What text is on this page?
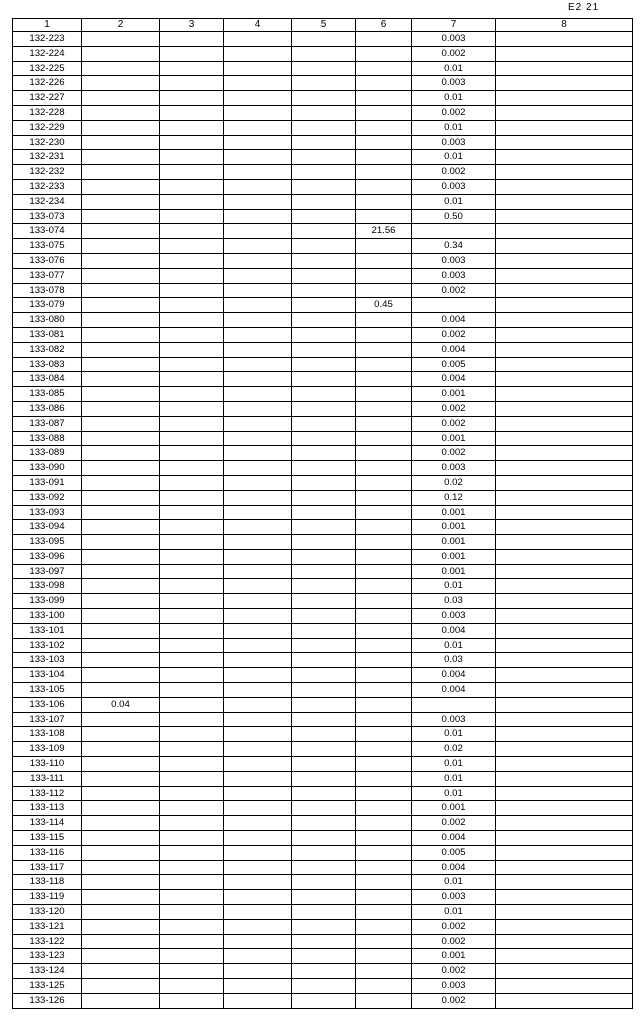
E2 21
1	2	3	4	5	6	7	8
132-223						0.003	
132-224						0.002	
132-225						0.01	
132-226						0.003	
132-227						0.01	
132-228						0.002	
132-229						0.01	
132-230						0.003	
132-231						0.01	
132-232						0.002	
132-233						0.003	
132-234						0.01	
133-073						0.50	
133-074					21.56		
133-075						0.34	
133-076						0.003	
133-077						0.003	
133-078						0.002	
133-079					0.45		
133-080						0.004	
133-081						0.002	
133-082						0.004	
133-083						0.005	
133-084						0.004	
133-085						0.001	
133-086						0.002	
133-087						0.002	
133-088						0.001	
133-089						0.002	
133-090						0.003	
133-091						0.02	
133-092						0.12	
133-093						0.001	
133-094						0.001	
133-095						0.001	
133-096						0.001	
133-097						0.001	
133-098						0.01	
133-099						0.03	
133-100						0.003	
133-101						0.004	
133-102						0.01	
133-103						0.03	
133-104						0.004	
133-105						0.004	
133-106	0.04						
133-107						0.003	
133-108						0.01	
133-109						0.02	
133-110						0.01	
133-111						0.01	
133-112						0.01	
133-113						0.001	
133-114						0.002	
133-115						0.004	
133-116						0.005	
133-117						0.004	
133-118						0.01	
133-119						0.003	
133-120						0.01	
133-121						0.002	
133-122						0.002	
133-123						0.001	
133-124						0.002	
133-125						0.003	
133-126						0.002	
